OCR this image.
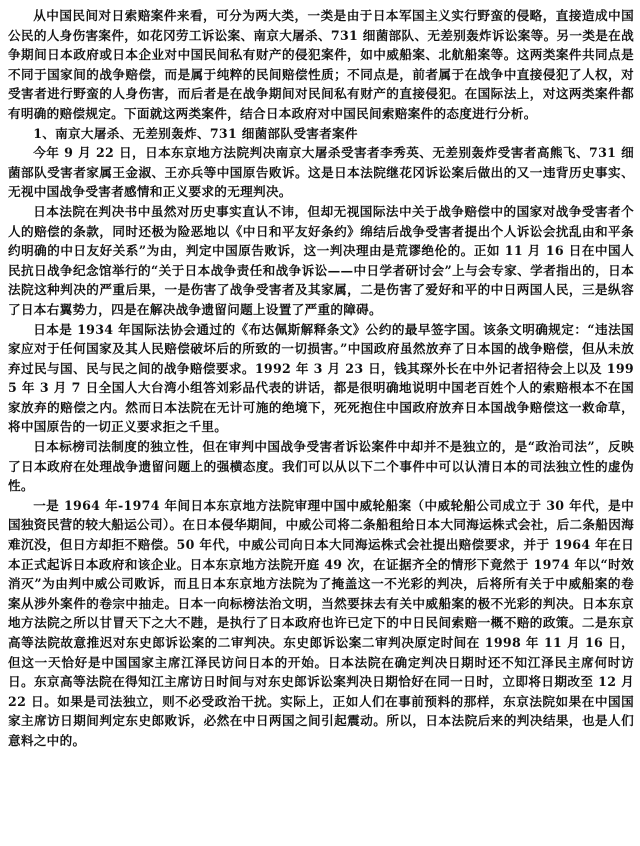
从中国民间对日索赔案件来看，可分为两大类，一类是由于日本军国主义实行野蛮的侵略，直接造成中国公民的人身伤害案件，如花冈劳工诉讼案、南京大屠杀、731 细菌部队、无差别轰炸诉讼案等。另一类是在战争期间日本政府或日本企业对中国民间私有财产的侵犯案件，如中威船案、北航船案等。这两类案件共同点是不同于国家间的战争赔偿，而是属于纯粹的民间赔偿性质；不同点是，前者属于在战争中直接侵犯了人权，对受害者进行野蛮的人身伤害，而后者是在战争期间对民间私有财产的直接侵犯。在国际法上，对这两类案件都有明确的赔偿规定。下面就这两类案件，结合日本政府对中国民间索赔案件的态度进行分析。

1、南京大屠杀、无差别轰炸、731 细菌部队受害者案件

今年 9 月 22 日，日本东京地方法院判决南京大屠杀受害者李秀英、无差别轰炸受害者高熊飞、731 细菌部队受害者家属王金淑、王亦兵等中国原告败诉。这是日本法院继花冈诉讼案后做出的又一违背历史事实、无视中国战争受害者感情和正义要求的无理判决。

日本法院在判决书中虽然对历史事实直认不讳，但却无视国际法中关于战争赔偿中的国家对战争受害者个人的赔偿的条款，同时还极为险恶地以《中日和平友好条约》绵结后战争受害者提出个人诉讼会扰乱由和平条约明确的中日友好关系”为由，判定中国原告败诉，这一判决理由是荒谬绝伦的。正如 11 月 16 日在中国人民抗日战争纪念馆举行的“关于日本战争责任和战争诉讼——中日学者研讨会”上与会专家、学者指出的，日本法院这种判决的严重后果，一是伤害了战争受害者及其家属，二是伤害了爱好和平的中日两国人民，三是纵容了日本右翼势力，四是在解决战争遗留问题上设置了严重的障碍。

日本是 1934 年国际法协会通过的《布达佩斯解释条文》公约的最早签字国。该条文明确规定：“违法国家应对于任何国家及其人民赔偿破坏后的所致的一切损害。”中国政府虽然放弃了日本国的战争赔偿，但从未放弃过民与国、民与民之间的战争赔偿要求。1992 年 3 月 23 日，钱其琛外长在中外记者招待会上以及 1995 年 3 月 7 日全国人大台湾小组答刘彩品代表的讲话，都是很明确地说明中国老百姓个人的索赔根本不在国家放弃的赔偿之内。然而日本法院在无计可施的绝境下，死死抱住中国政府放弃日本国战争赔偿这一救命草，将中国原告的一切正义要求拒之千里。

日本标榜司法制度的独立性，但在审判中国战争受害者诉讼案件中却并不是独立的，是“政治司法”，反映了日本政府在处理战争遗留问题上的强横态度。我们可以从以下二个事件中可以认清日本的司法独立性的虚伪性。

一是 1964 年-1974 年间日本东京地方法院审理中国中威轮船案（中威轮船公司成立于 30 年代，是中国独资民营的较大船运公司）。在日本侵华期间，中威公司将二条船租给日本大同海运株式会社，后二条船因海难沉没，但日方却拒不赔偿。50 年代，中威公司向日本大同海运株式会社提出赔偿要求，并于 1964 年在日本正式起诉日本政府和该企业。日本东京地方法院开庭 49 次，在证据齐全的情形下竟然于 1974 年以“时效消灭”为由判中威公司败诉，而且日本东京地方法院为了掩盖这一不光彩的判决，后将所有关于中威船案的卷案从涉外案件的卷宗中抽走。日本一向标榜法治文明，当然要抹去有关中威船案的极不光彩的判决。日本东京地方法院之所以甘冒天下之大不韪，是执行了日本政府也许已定下的中日民间索赔一概不赔的政策。二是东京高等法院故意推迟对东史郎诉讼案的二审判决。东史郎诉讼案二审判决原定时间在 1998 年 11 月 16 日，但这一天恰好是中国国家主席江泽民访问日本的开始。日本法院在确定判决日期时还不知江泽民主席何时访日。东京高等法院在得知江主席访日时间与对东史郎诉讼案判决日期恰好在同一日时，立即将日期改至 12 月 22 日。如果是司法独立，则不必受政治干扰。实际上，正如人们在事前预料的那样，东京法院如果在中国国家主席访日期间判定东史郎败诉，必然在中日两国之间引起震动。所以，日本法院后来的判决结果，也是人们意料之中的。
